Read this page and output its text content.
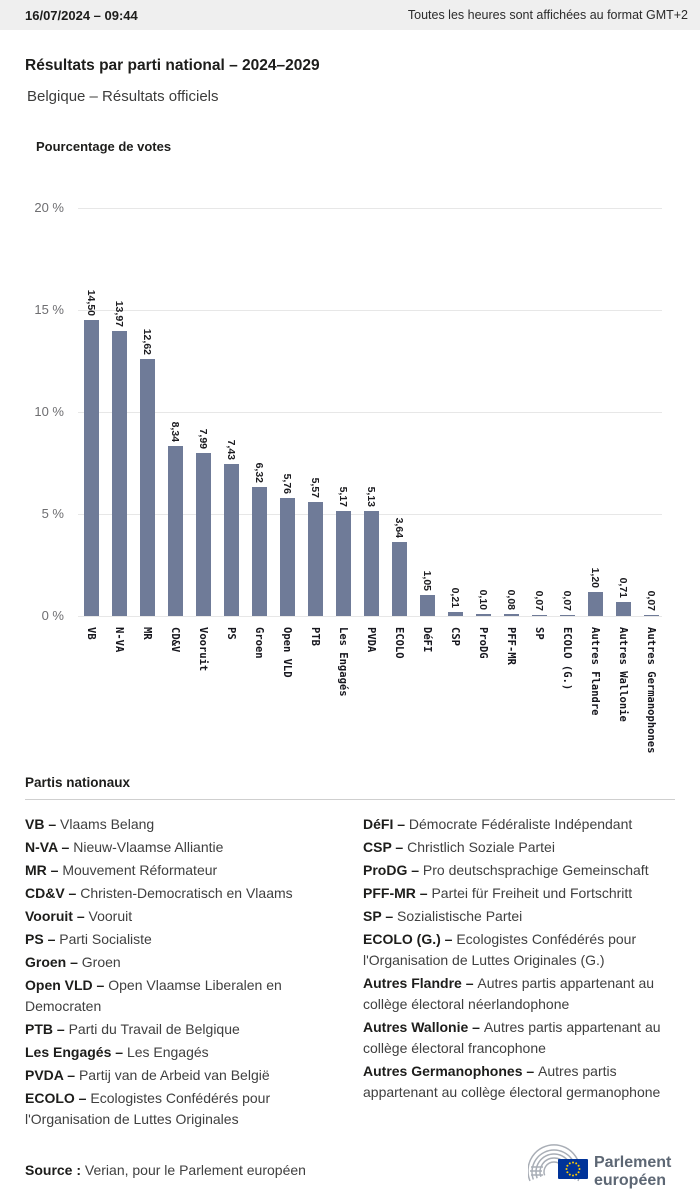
16/07/2024 – 09:44	Toutes les heures sont affichées au format GMT+2
Résultats par parti national – 2024–2029
Belgique – Résultats officiels
Pourcentage de votes
20 %
15 %
10 %
5 %
0 %
14,50
VB
13,97
N-VA
12,62
MR
8,34
CD&V
7,99
Vooruit
7,43
PS
6,32
Groen
5,76
Open VLD
5,57
PTB
5,17
Les Engagés
5,13
PVDA
3,64
ECOLO
1,05
DéFI
0,21
CSP
0,10
ProDG
0,08
PFF-MR
0,07
SP
0,07
ECOLO (G.)
1,20
Autres Flandre
0,71
Autres Wallonie
0,07
Autres Germanophones
Partis nationaux
VB – Vlaams Belang
N-VA – Nieuw-Vlaamse Alliantie
MR – Mouvement Réformateur
CD&V – Christen-Democratisch en Vlaams
Vooruit – Vooruit
PS – Parti Socialiste
Groen – Groen
Open VLD – Open Vlaamse Liberalen en Democraten
PTB – Parti du Travail de Belgique
Les Engagés – Les Engagés
PVDA – Partij van de Arbeid van België
ECOLO – Ecologistes Confédérés pour l'Organisation de Luttes Originales
DéFI – Démocrate Fédéraliste Indépendant
CSP – Christlich Soziale Partei
ProDG – Pro deutschsprachige Gemeinschaft
PFF-MR – Partei für Freiheit und Fortschritt
SP – Sozialistische Partei
ECOLO (G.) – Ecologistes Confédérés pour l'Organisation de Luttes Originales (G.)
Autres Flandre – Autres partis appartenant au collège électoral néerlandophone
Autres Wallonie – Autres partis appartenant au collège électoral francophone
Autres Germanophones – Autres partis appartenant au collège électoral germanophone
Source : Verian, pour le Parlement européen	Parlement européen
